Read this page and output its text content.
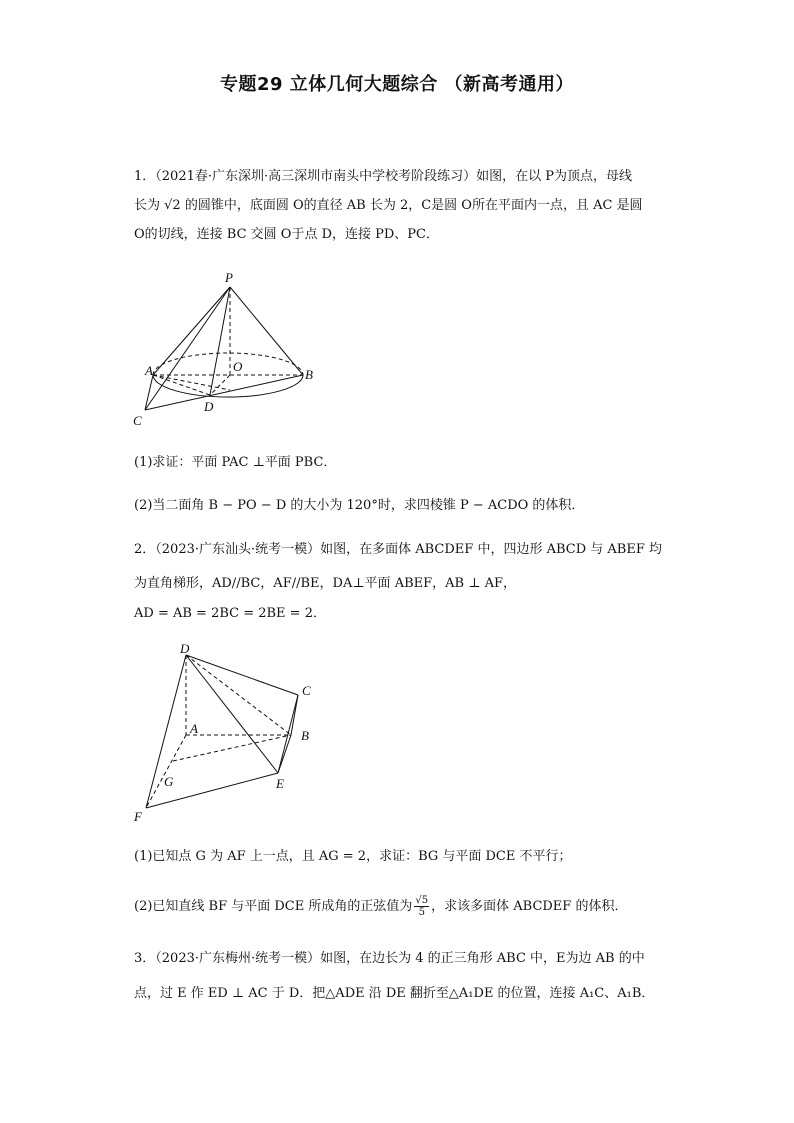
专题29 立体几何大题综合 （新高考通用）
1．（2021春·广东深圳·高三深圳市南头中学校考阶段练习）如图，在以 P为顶点，母线
长为 √2 的圆锥中，底面圆 O的直径 AB 长为 2，C是圆 O所在平面内一点，且 AC 是圆
O的切线，连接 BC 交圆 O于点 D，连接 PD、PC．
P
A	O
B
D
C
(1)求证：平面 PAC ⊥平面 PBC．
(2)当二面角 B − PO − D 的大小为 120°时，求四棱锥 P − ACDO 的体积．
2．（2023·广东汕头·统考一模）如图，在多面体 ABCDEF 中，四边形 ABCD 与 ABEF 均
为直角梯形，AD//BC，AF//BE，DA⊥平面 ABEF，AB ⊥ AF，
AD = AB = 2BC = 2BE = 2．
D
C
A	B
G	E
F
(1)已知点 G 为 AF 上一点，且 AG = 2，求证：BG 与平面 DCE 不平行；
(2)已知直线 BF 与平面 DCE 所成角的正弦值为 $\frac{√5}{5}$ ，求该多面体 ABCDEF 的体积．
3．（2023·广东梅州·统考一模）如图，在边长为 4 的正三角形 ABC 中，E为边 AB 的中
点，过 E 作 ED ⊥ AC 于 D．把△ADE 沿 DE 翻折至△A₁DE 的位置，连接 A₁C、A₁B．
